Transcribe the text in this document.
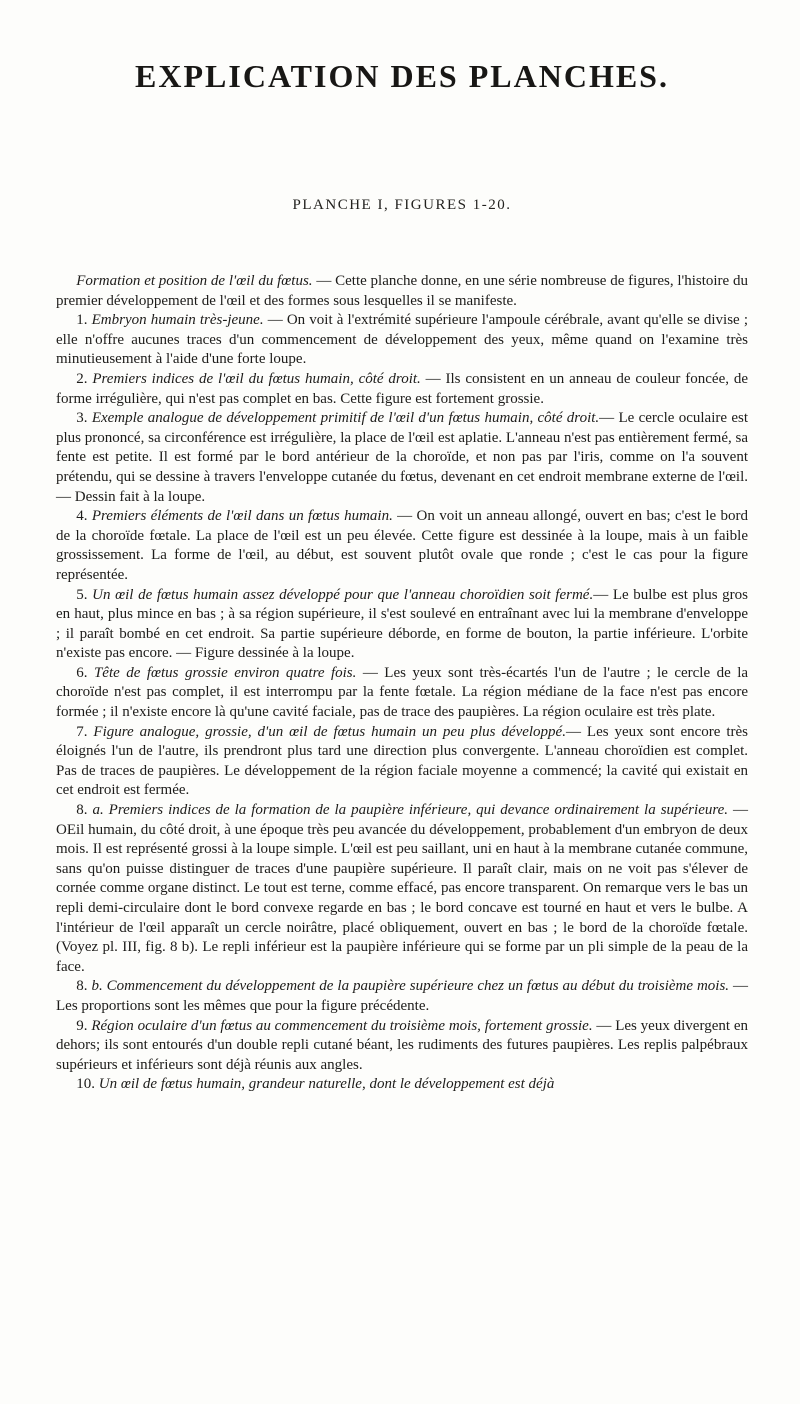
EXPLICATION DES PLANCHES.
PLANCHE I, FIGURES 1-20.

Formation et position de l'œil du fœtus. — Cette planche donne, en une série nombreuse de figures, l'histoire du premier développement de l'œil et des formes sous lesquelles il se manifeste.

1. Embryon humain très-jeune. — On voit à l'extrémité supérieure l'ampoule cérébrale, avant qu'elle se divise ; elle n'offre aucunes traces d'un commencement de développement des yeux, même quand on l'examine très minutieusement à l'aide d'une forte loupe.

2. Premiers indices de l'œil du fœtus humain, côté droit. — Ils consistent en un anneau de couleur foncée, de forme irrégulière, qui n'est pas complet en bas. Cette figure est fortement grossie.

3. Exemple analogue de développement primitif de l'œil d'un fœtus humain, côté droit.— Le cercle oculaire est plus prononcé, sa circonférence est irrégulière, la place de l'œil est aplatie. L'anneau n'est pas entièrement fermé, sa fente est petite. Il est formé par le bord antérieur de la choroïde, et non pas par l'iris, comme on l'a souvent prétendu, qui se dessine à travers l'enveloppe cutanée du fœtus, devenant en cet endroit membrane externe de l'œil. — Dessin fait à la loupe.

4. Premiers éléments de l'œil dans un fœtus humain. — On voit un anneau allongé, ouvert en bas; c'est le bord de la choroïde fœtale. La place de l'œil est un peu élevée. Cette figure est dessinée à la loupe, mais à un faible grossissement. La forme de l'œil, au début, est souvent plutôt ovale que ronde ; c'est le cas pour la figure représentée.

5. Un œil de fœtus humain assez développé pour que l'anneau choroïdien soit fermé.— Le bulbe est plus gros en haut, plus mince en bas ; à sa région supérieure, il s'est soulevé en entraînant avec lui la membrane d'enveloppe ; il paraît bombé en cet endroit. Sa partie supérieure déborde, en forme de bouton, la partie inférieure. L'orbite n'existe pas encore. — Figure dessinée à la loupe.

6. Tête de fœtus grossie environ quatre fois. — Les yeux sont très-écartés l'un de l'autre ; le cercle de la choroïde n'est pas complet, il est interrompu par la fente fœtale. La région médiane de la face n'est pas encore formée ; il n'existe encore là qu'une cavité faciale, pas de trace des paupières. La région oculaire est très plate.

7. Figure analogue, grossie, d'un œil de fœtus humain un peu plus développé.— Les yeux sont encore très éloignés l'un de l'autre, ils prendront plus tard une direction plus convergente. L'anneau choroïdien est complet. Pas de traces de paupières. Le développement de la région faciale moyenne a commencé; la cavité qui existait en cet endroit est fermée.

8. a. Premiers indices de la formation de la paupière inférieure, qui devance ordinairement la supérieure. — OEil humain, du côté droit, à une époque très peu avancée du développement, probablement d'un embryon de deux mois. Il est représenté grossi à la loupe simple. L'œil est peu saillant, uni en haut à la membrane cutanée commune, sans qu'on puisse distinguer de traces d'une paupière supérieure. Il paraît clair, mais on ne voit pas s'élever de cornée comme organe distinct. Le tout est terne, comme effacé, pas encore transparent. On remarque vers le bas un repli demi-circulaire dont le bord convexe regarde en bas ; le bord concave est tourné en haut et vers le bulbe. A l'intérieur de l'œil apparaît un cercle noirâtre, placé obliquement, ouvert en bas ; le bord de la choroïde fœtale. (Voyez pl. III, fig. 8 b). Le repli inférieur est la paupière inférieure qui se forme par un pli simple de la peau de la face.

8. b. Commencement du développement de la paupière supérieure chez un fœtus au début du troisième mois. — Les proportions sont les mêmes que pour la figure précédente.

9. Région oculaire d'un fœtus au commencement du troisième mois, fortement grossie. — Les yeux divergent en dehors; ils sont entourés d'un double repli cutané béant, les rudiments des futures paupières. Les replis palpébraux supérieurs et inférieurs sont déjà réunis aux angles.

10. Un œil de fœtus humain, grandeur naturelle, dont le développement est déjà
